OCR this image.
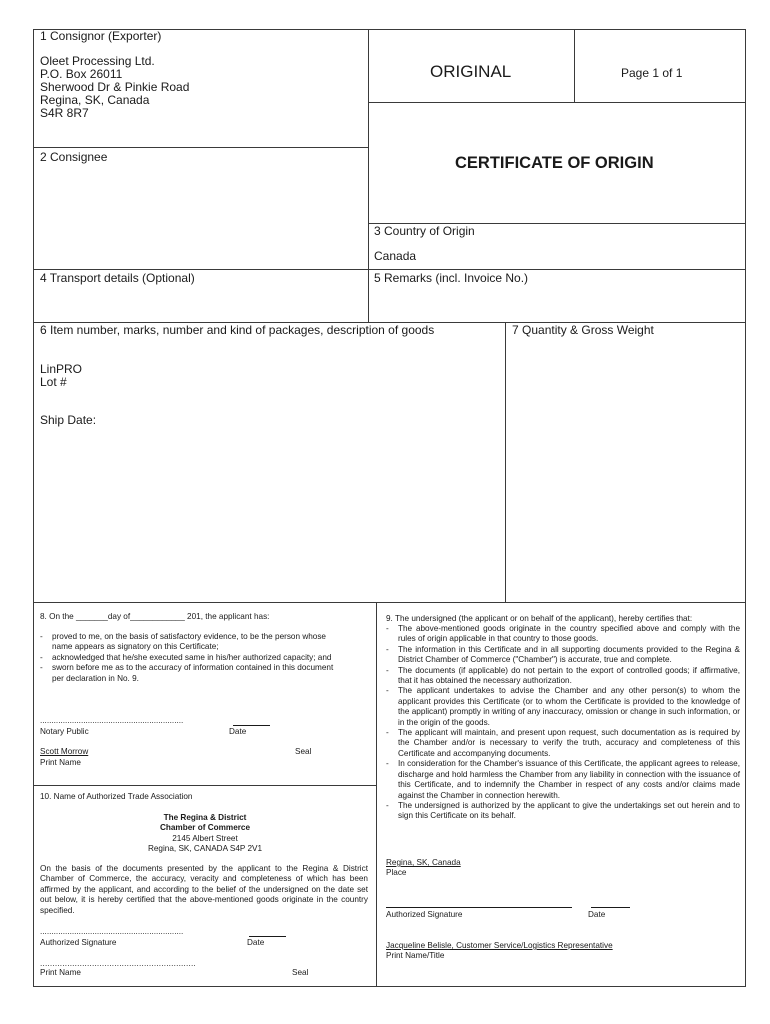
1 Consignor (Exporter)
Oleet Processing Ltd.
P.O. Box 26011
Sherwood Dr & Pinkie Road
Regina, SK, Canada
S4R 8R7
ORIGINAL	Page 1 of 1
CERTIFICATE OF ORIGIN
2 Consignee
3 Country of Origin
Canada
4 Transport details (Optional)	5 Remarks (incl. Invoice No.)
6 Item number, marks, number and kind of packages, description of goods	7 Quantity & Gross Weight
LinPRO
Lot #
Ship Date:
8. On the _______day of____________ 201, the applicant has:
- proved to me, on the basis of satisfactory evidence, to be the person whose name appears as signatory on this Certificate;
- acknowledged that he/she executed same in his/her authorized capacity; and
- sworn before me as to the accuracy of information contained in this document per declaration in No. 9.
...............................................................
Notary Public	Date
Scott Morrow	Seal
Print Name
10. Name of Authorized Trade Association
The Regina & District
Chamber of Commerce
2145 Albert Street
Regina, SK, CANADA S4P 2V1
On the basis of the documents presented by the applicant to the Regina & District Chamber of Commerce, the accuracy, veracity and completeness of which has been affirmed by the applicant, and according to the belief of the undersigned on the date set out below, it is hereby certified that the above-mentioned goods originate in the country specified.
...............................................................
Authorized Signature	Date
...............................................................
Print Name	Seal
9. The undersigned (the applicant or on behalf of the applicant), hereby certifies that:
- The above-mentioned goods originate in the country specified above and comply with the rules of origin applicable in that country to those goods.
- The information in this Certificate and in all supporting documents provided to the Regina & District Chamber of Commerce ("Chamber") is accurate, true and complete.
- The documents (if applicable) do not pertain to the export of controlled goods; if affirmative, that it has obtained the necessary authorization.
- The applicant undertakes to advise the Chamber and any other person(s) to whom the applicant provides this Certificate (or to whom the Certificate is provided to the knowledge of the applicant) promptly in writing of any inaccuracy, omission or change in such information, or in the origin of the goods.
- The applicant will maintain, and present upon request, such documentation as is required by the Chamber and/or is necessary to verify the truth, accuracy and completeness of this Certificate and accompanying documents.
- In consideration for the Chamber's issuance of this Certificate, the applicant agrees to release, discharge and hold harmless the Chamber from any liability in connection with the issuance of this Certificate, and to indemnify the Chamber in respect of any costs and/or claims made against the Chamber in connection herewith.
- The undersigned is authorized by the applicant to give the undertakings set out herein and to sign this Certificate on its behalf.
Regina, SK, Canada
Place
Authorized Signature	Date
Jacqueline Belisle, Customer Service/Logistics Representative
Print Name/Title
